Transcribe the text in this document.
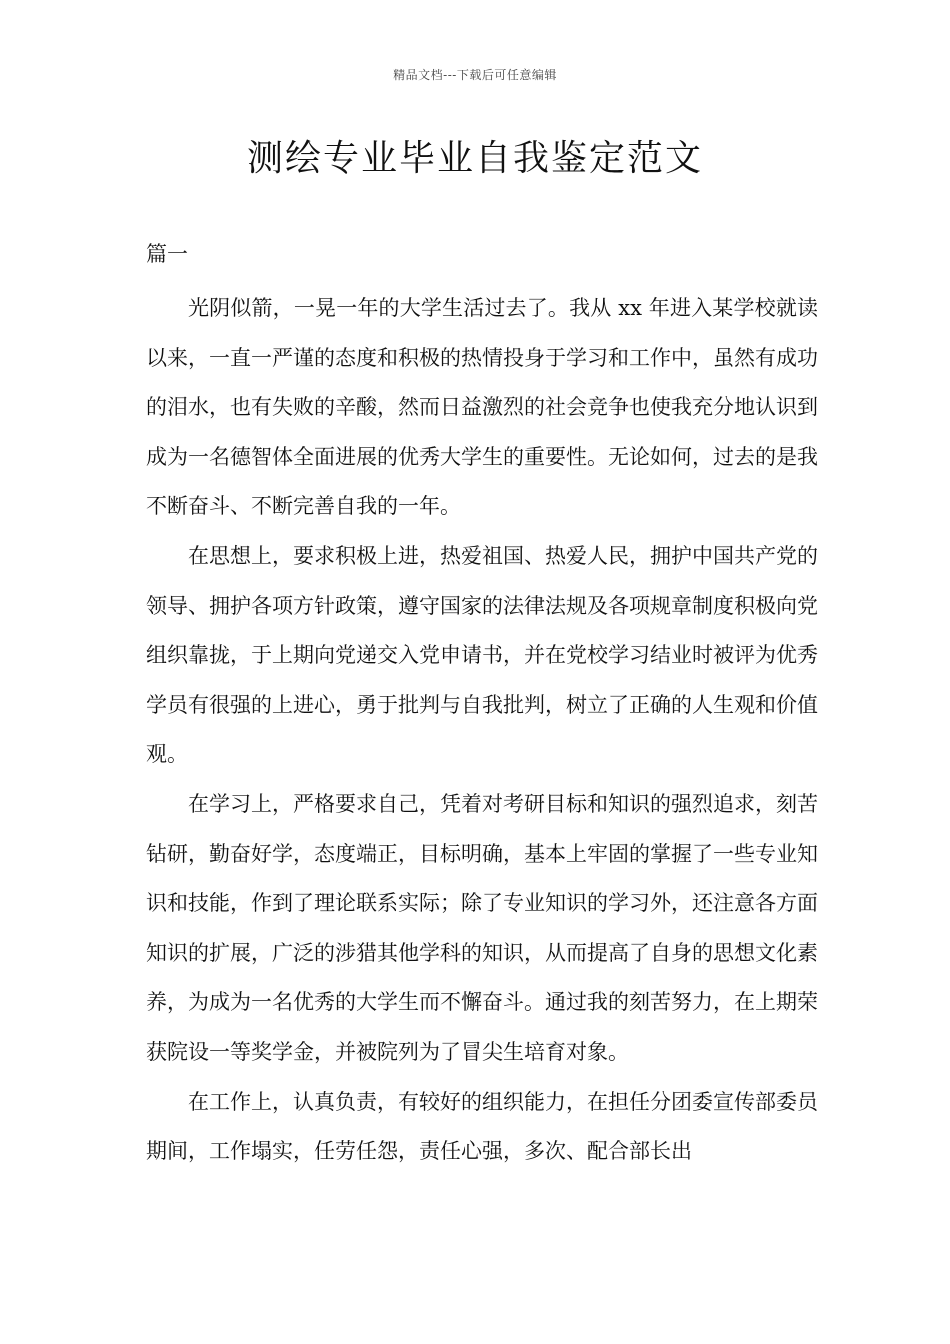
精品文档---下载后可任意编辑
测绘专业毕业自我鉴定范文
篇一

光阴似箭，一晃一年的大学生活过去了。我从 xx 年进入某学校就读以来，一直一严谨的态度和积极的热情投身于学习和工作中，虽然有成功的泪水，也有失败的辛酸，然而日益激烈的社会竞争也使我充分地认识到成为一名德智体全面进展的优秀大学生的重要性。无论如何，过去的是我不断奋斗、不断完善自我的一年。

在思想上，要求积极上进，热爱祖国、热爱人民，拥护中国共产党的领导、拥护各项方针政策，遵守国家的法律法规及各项规章制度积极向党组织靠拢，于上期向党递交入党申请书，并在党校学习结业时被评为优秀学员有很强的上进心，勇于批判与自我批判，树立了正确的人生观和价值观。

在学习上，严格要求自己，凭着对考研目标和知识的强烈追求，刻苦钻研，勤奋好学，态度端正，目标明确，基本上牢固的掌握了一些专业知识和技能，作到了理论联系实际；除了专业知识的学习外，还注意各方面知识的扩展，广泛的涉猎其他学科的知识，从而提高了自身的思想文化素养，为成为一名优秀的大学生而不懈奋斗。通过我的刻苦努力，在上期荣获院设一等奖学金，并被院列为了冒尖生培育对象。

在工作上，认真负责，有较好的组织能力，在担任分团委宣传部委员期间，工作塌实，任劳任怨，责任心强，多次、配合部长出
